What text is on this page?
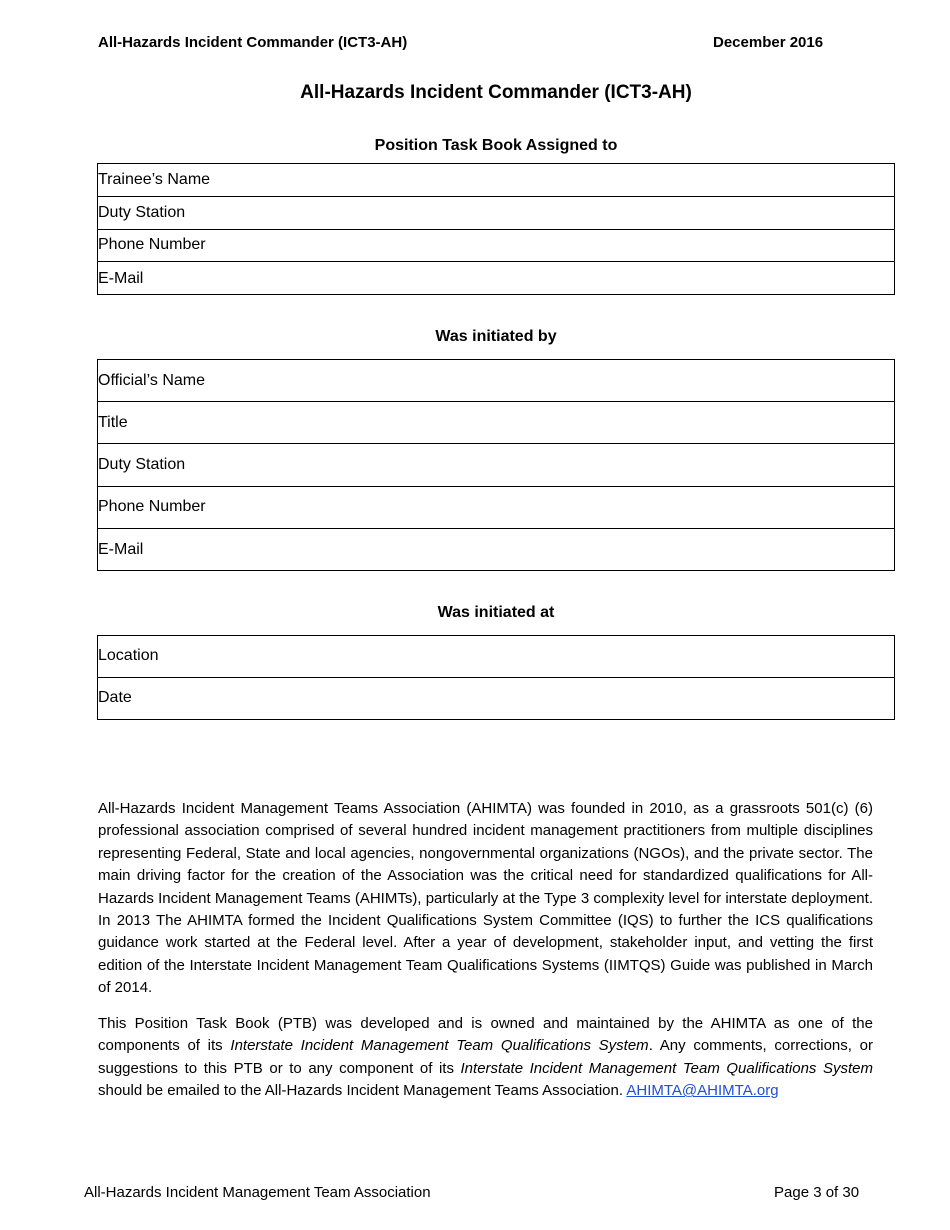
All-Hazards Incident Commander (ICT3-AH)	December 2016
All-Hazards Incident Commander (ICT3-AH)
Position Task Book Assigned to
Trainee’s Name
Duty Station
Phone Number
E-Mail
Was initiated by
Official’s Name
Title
Duty Station
Phone Number
E-Mail
Was initiated at
Location
Date
All-Hazards Incident Management Teams Association (AHIMTA) was founded in 2010, as a grassroots 501(c) (6) professional association comprised of several hundred incident management practitioners from multiple disciplines representing Federal, State and local agencies, nongovernmental organizations (NGOs), and the private sector. The main driving factor for the creation of the Association was the critical need for standardized qualifications for All-Hazards Incident Management Teams (AHIMTs), particularly at the Type 3 complexity level for interstate deployment. In 2013 The AHIMTA formed the Incident Qualifications System Committee (IQS) to further the ICS qualifications guidance work started at the Federal level. After a year of development, stakeholder input, and vetting the first edition of the Interstate Incident Management Team Qualifications Systems (IIMTQS) Guide was published in March of 2014.
This Position Task Book (PTB) was developed and is owned and maintained by the AHIMTA as one of the components of its Interstate Incident Management Team Qualifications System. Any comments, corrections, or suggestions to this PTB or to any component of its Interstate Incident Management Team Qualifications System should be emailed to the All-Hazards Incident Management Teams Association. AHIMTA@AHIMTA.org
All-Hazards Incident Management Team Association	Page 3 of 30
